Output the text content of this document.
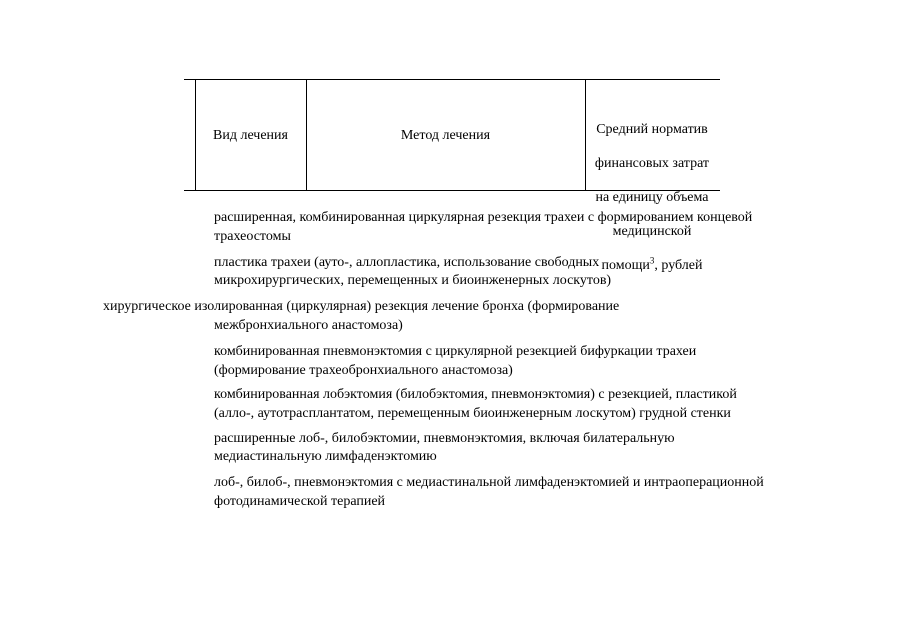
Вид лечения	Метод лечения	Средний норматив

финансовых затрат

на единицу объема

медицинской

помощи$^3$, рублей

расширенная, комбинированная циркулярная резекция трахеи с формированием концевой
трахеостомы
пластика трахеи (ауто-, аллопластика, использование свободных
микрохирургических, перемещенных и биоинженерных лоскутов)
хирургическое изолированная (циркулярная) резекция лечение бронха (формирование
межбронхиального анастомоза)
комбинированная пневмонэктомия с циркулярной резекцией бифуркации трахеи
(формирование трахеобронхиального анастомоза)
комбинированная лобэктомия (билобэктомия, пневмонэктомия) с резекцией, пластикой
(алло-, аутотрасплантатом, перемещенным биоинженерным лоскутом) грудной стенки
расширенные лоб-, билобэктомии, пневмонэктомия, включая билатеральную
медиастинальную лимфаденэктомию
лоб-, билоб-, пневмонэктомия с медиастинальной лимфаденэктомией и интраоперационной
фотодинамической терапией
